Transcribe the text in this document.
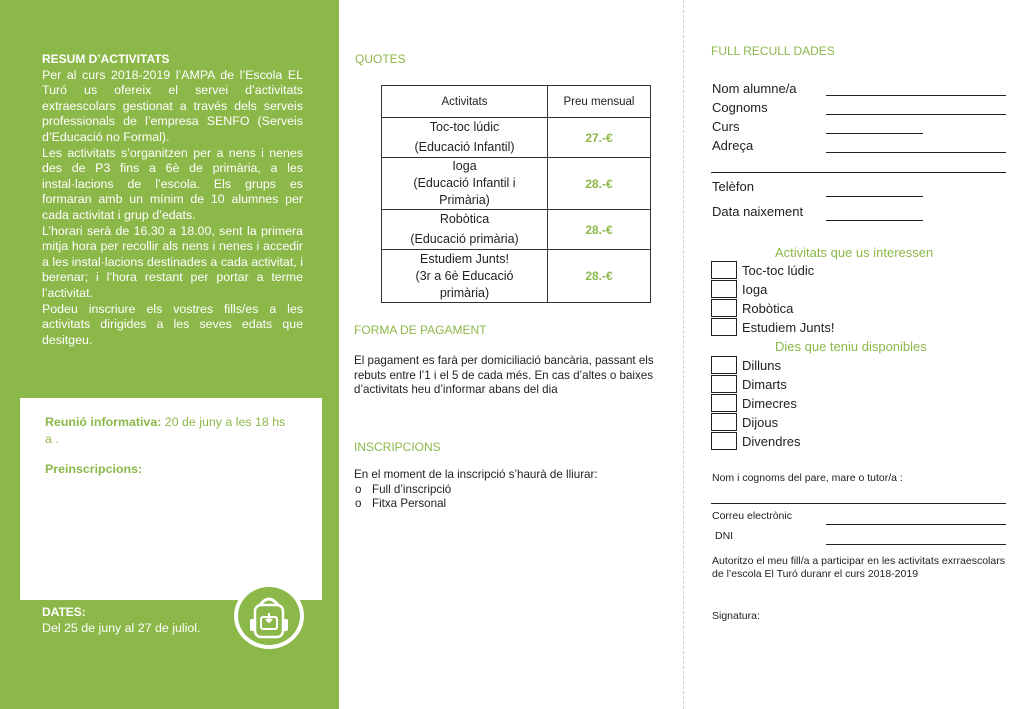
RESUM D’ACTIVITATS

Per al curs 2018-2019 l’AMPA de l’Escola EL Turó us ofereix el servei d’activitats extraescolars gestionat a través dels serveis professionals de l’empresa SENFO (Serveis d’Educació no Formal).

Les activitats s’organitzen per a nens i nenes des de P3 fins a 6è de primària, a les instal·lacions de l’escola. Els grups es formaran amb un mínim de 10 alumnes per cada activitat i grup d’edats.

L’horari serà de 16.30 a 18.00, sent la primera mitja hora per recollir als nens i nenes i accedir a les instal·lacions destinades a cada activitat, i berenar; i l’hora restant per portar a terme l’activitat.

Podeu inscriure els vostres fills/es a les activitats dirigides a les seves edats que desitgeu.

Reunió informativa: 20 de juny a les 18 hs a .
Preinscripcions:
DATES:
Del 25 de juny al 27 de juliol.
QUOTES
Activitats	Preu mensual

Toc-toc lúdic
(Educació Infantil)	27.-€

Ioga
(Educació Infantil i Primària)	28.-€

Robòtica
(Educació primària)	28.-€

Estudiem Junts!
(3r a 6è Educació primària)	28.-€
FORMA DE PAGAMENT
El pagament es farà per domiciliació bancària, passant els rebuts entre l’1 i el 5 de cada més. En cas d’altes o baixes d’activitats heu d’informar abans del dia
INSCRIPCIONS
En el moment de la inscripció s’haurà de lliurar:
o Full d’inscripció
o Fitxa Personal
FULL RECULL DADES
Nom alumne/a
Cognoms
Curs
Adreça
Telèfon
Data naixement
Activitats que us interessen
Toc-toc lúdic
Ioga
Robòtica
Estudiem Junts!
Dies que teniu disponibles
Dilluns
Dimarts
Dimecres
Dijous
Divendres
Nom i cognoms del pare, mare o tutor/a :
Correu electrònic
DNI
Autoritzo el meu fill/a a participar en les activitats exrraescolars de l’escola El Turó duranr el curs 2018-2019
Signatura:
